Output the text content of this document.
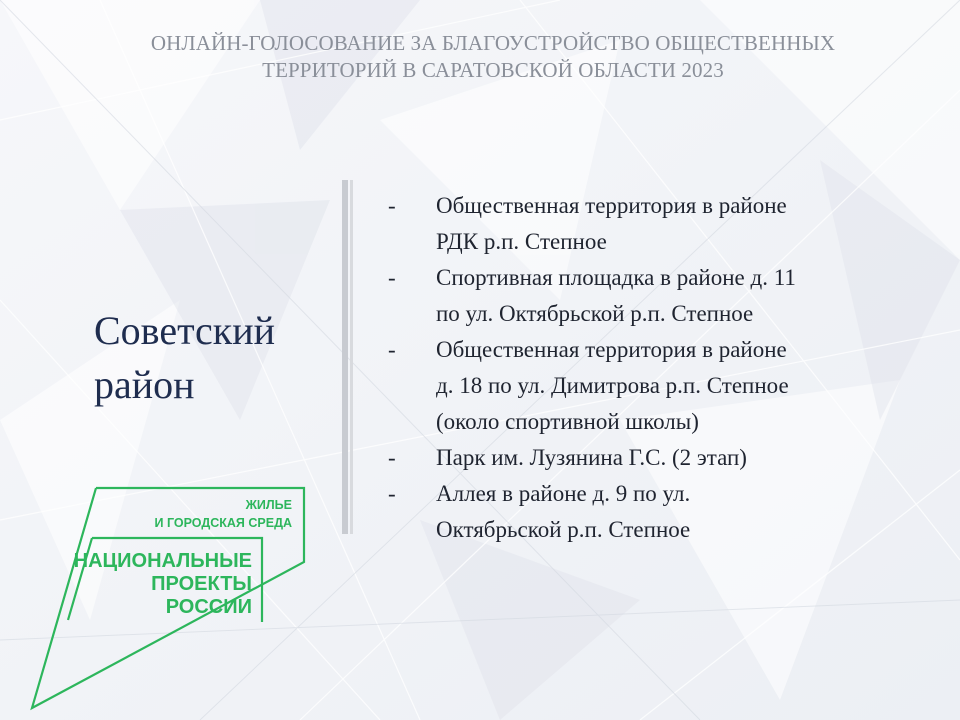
ОНЛАЙН-ГОЛОСОВАНИЕ ЗА БЛАГОУСТРОЙСТВО ОБЩЕСТВЕННЫХ
ТЕРРИТОРИЙ В САРАТОВСКОЙ ОБЛАСТИ 2023
Советский
район
- Общественная территория в районе
РДК р.п. Степное
- Спортивная площадка в районе д. 11
по ул. Октябрьской р.п. Степное
- Общественная территория в районе
д. 18 по ул. Димитрова р.п. Степное
(около спортивной школы)
- Парк им. Лузянина Г.С. (2 этап)
- Аллея в районе д. 9 по ул.
Октябрьской р.п. Степное
ЖИЛЬЕ
И ГОРОДСКАЯ СРЕДА
НАЦИОНАЛЬНЫЕ
ПРОЕКТЫ
РОССИИ
